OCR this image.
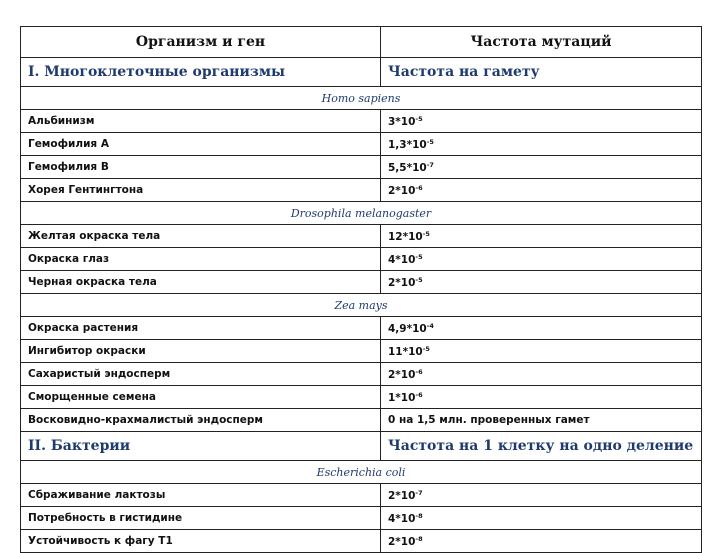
Организм и ген	Частота мутаций
I. Многоклеточные организмы	Частота на гамету
Homo sapiens	
Альбинизм	$3*10^{-5}$
Гемофилия А	$1,3*10^{-5}$
Гемофилия В	$5,5*10^{-7}$
Хорея Гентингтона	$2*10^{-6}$
Drosophila melanogaster	
Желтая окраска тела	$12*10^{-5}$
Окраска глаз	$4*10^{-5}$
Черная окраска тела	$2*10^{-5}$
Zea mays	
Окраска растения	$4,9*10^{-4}$
Ингибитор окраски	$11*10^{-5}$
Сахаристый эндосперм	$2*10^{-6}$
Сморщенные семена	$1*10^{-6}$
Восковидно-крахмалистый эндосперм	0 на 1,5 млн. проверенных гамет
II. Бактерии	Частота на 1 клетку на одно деление
Escherichia coli	
Сбраживание лактозы	$2*10^{-7}$
Потребность в гистидине	$4*10^{-8}$
Устойчивость к фагу Т1	$2*10^{-8}$
